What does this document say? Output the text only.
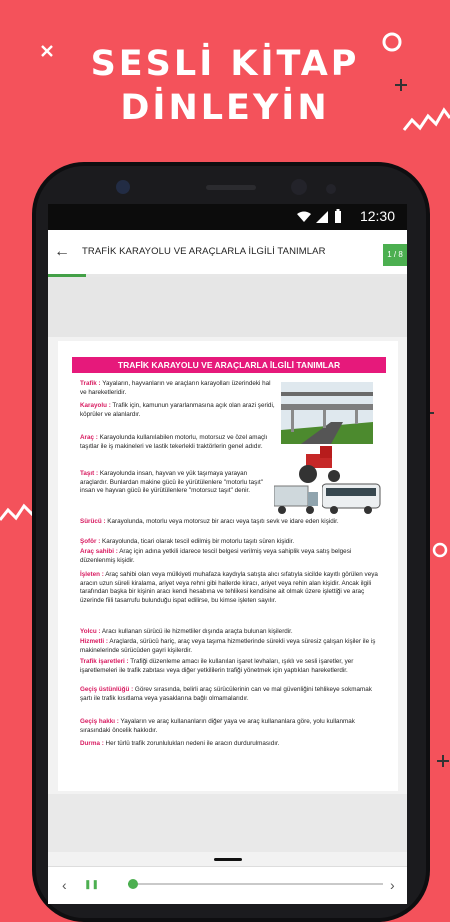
SESLİ KİTAP
DİNLEYİN
12:30
← TRAFİK KARAYOLU VE ARAÇLARLA İLGİLİ TANIMLAR	1 / 8
TRAFİK KARAYOLU VE ARAÇLARLA İLGİLİ TANIMLAR
Trafik : Yayaların, hayvanların ve araçların karayolları üzerindeki hal ve hareketleridir.
Karayolu : Trafik için, kamunun yararlanmasına açık olan arazi şeridi, köprüler ve alanlardır.
Araç : Karayolunda kullanılabilen motorlu, motorsuz ve özel amaçlı taşıtlar ile iş makineleri ve lastik tekerlekli traktörlerin genel adıdır.
Taşıt : Karayolunda insan, hayvan ve yük taşımaya yarayan araçlardır. Bunlardan makine gücü ile yürütülenlere "motorlu taşıt" insan ve hayvan gücü ile yürütülenlere "motorsuz taşıt" denir.
Sürücü : Karayolunda, motorlu veya motorsuz bir aracı veya taşıtı sevk ve idare eden kişidir.
Şoför : Karayolunda, ticari olarak tescil edilmiş bir motorlu taşıtı süren kişidir.
Araç sahibi : Araç için adına yetkili idarece tescil belgesi verilmiş veya sahiplik veya satış belgesi düzenlenmiş kişidir.
İşleten : Araç sahibi olan veya mülkiyeti muhafaza kaydıyla satışta alıcı sıfatıyla sicilde kayıtlı görülen veya aracın uzun süreli kiralama, ariyet veya rehni gibi hallerde kiracı, ariyet veya rehin alan kişidir. Ancak ilgili tarafından başka bir kişinin aracı kendi hesabına ve tehlikesi kendisine ait olmak üzere işlettiği ve araç üzerinde fiili tasarrufu bulunduğu ispat edilirse, bu kimse işleten sayılır.
Yolcu : Aracı kullanan sürücü ile hizmetliler dışında araçta bulunan kişilerdir.
Hizmetli : Araçlarda, sürücü hariç, araç veya taşıma hizmetlerinde sürekli veya süresiz çalışan kişiler ile iş makinelerinde sürücüden gayri kişilerdir.
Trafik işaretleri : Trafiği düzenleme amacı ile kullanılan işaret levhaları, ışıklı ve sesli işaretler, yer işaretlemeleri ile trafik zabıtası veya diğer yetkililerin trafiği yönetmek için yaptıkları hareketlerdir.
Geçiş üstünlüğü : Görev sırasında, belirli araç sürücülerinin can ve mal güvenliğini tehlikeye sokmamak şartı ile trafik kısıtlama veya yasaklarına bağlı olmamalarıdır.
Geçiş hakkı : Yayaların ve araç kullananların diğer yaya ve araç kullananlara göre, yolu kullanmak sırasındaki öncelik hakkıdır.
Durma : Her türlü trafik zorunlulukları nedeni ile aracın durdurulmasıdır.
‹ ❚❚	›
